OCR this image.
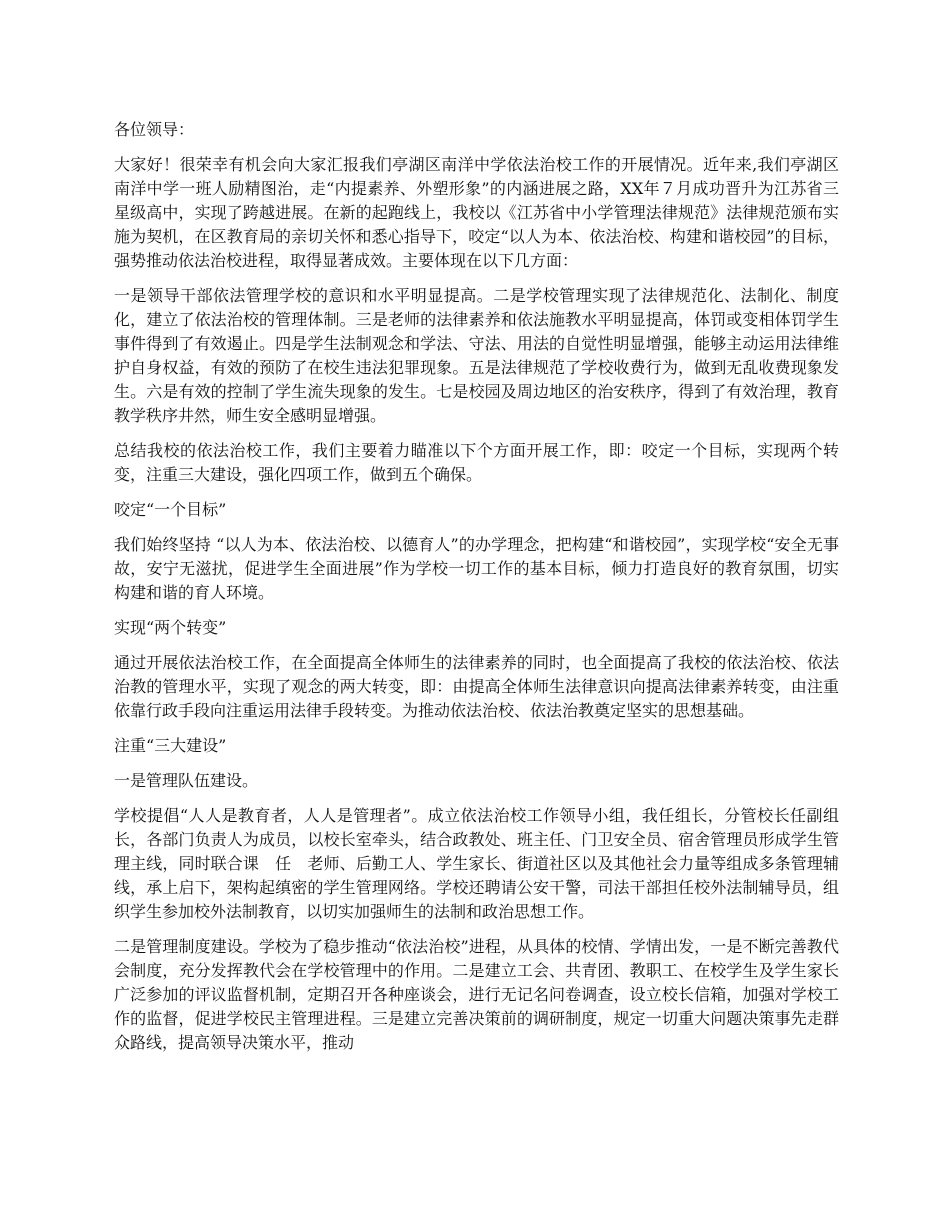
各位领导：

大家好！很荣幸有机会向大家汇报我们亭湖区南洋中学依法治校工作的开展情况。近年来,我们亭湖区南洋中学一班人励精图治，走“内提素养、外塑形象”的内涵进展之路，XX年７月成功晋升为江苏省三星级高中，实现了跨越进展。在新的起跑线上，我校以《江苏省中小学管理法律规范》法律规范颁布实施为契机，在区教育局的亲切关怀和悉心指导下，咬定“以人为本、依法治校、构建和谐校园”的目标，强势推动依法治校进程，取得显著成效。主要体现在以下几方面：

一是领导干部依法管理学校的意识和水平明显提高。二是学校管理实现了法律规范化、法制化、制度化，建立了依法治校的管理体制。三是老师的法律素养和依法施教水平明显提高，体罚或变相体罚学生事件得到了有效遏止。四是学生法制观念和学法、守法、用法的自觉性明显增强，能够主动运用法律维护自身权益，有效的预防了在校生违法犯罪现象。五是法律规范了学校收费行为，做到无乱收费现象发生。六是有效的控制了学生流失现象的发生。七是校园及周边地区的治安秩序，得到了有效治理，教育教学秩序井然，师生安全感明显增强。

总结我校的依法治校工作，我们主要着力瞄准以下个方面开展工作，即：咬定一个目标，实现两个转变，注重三大建设，强化四项工作，做到五个确保。

咬定“一个目标”

我们始终坚持 “以人为本、依法治校、以德育人”的办学理念，把构建“和谐校园”，实现学校“安全无事故，安宁无滋扰，促进学生全面进展”作为学校一切工作的基本目标，倾力打造良好的教育氛围，切实构建和谐的育人环境。

实现“两个转变”

通过开展依法治校工作，在全面提高全体师生的法律素养的同时，也全面提高了我校的依法治校、依法治教的管理水平，实现了观念的两大转变，即：由提高全体师生法律意识向提高法律素养转变，由注重依靠行政手段向注重运用法律手段转变。为推动依法治校、依法治教奠定坚实的思想基础。

注重“三大建设”

一是管理队伍建设。

学校提倡“人人是教育者，人人是管理者”。成立依法治校工作领导小组，我任组长，分管校长任副组长，各部门负责人为成员，以校长室牵头，结合政教处、班主任、门卫安全员、宿舍管理员形成学生管理主线，同时联合课　任　老师、后勤工人、学生家长、街道社区以及其他社会力量等组成多条管理辅线，承上启下，架构起缜密的学生管理网络。学校还聘请公安干警，司法干部担任校外法制辅导员，组织学生参加校外法制教育，以切实加强师生的法制和政治思想工作。

二是管理制度建设。学校为了稳步推动“依法治校”进程，从具体的校情、学情出发，一是不断完善教代会制度，充分发挥教代会在学校管理中的作用。二是建立工会、共青团、教职工、在校学生及学生家长广泛参加的评议监督机制，定期召开各种座谈会，进行无记名问卷调查，设立校长信箱，加强对学校工作的监督，促进学校民主管理进程。三是建立完善决策前的调研制度，规定一切重大问题决策事先走群众路线，提高领导决策水平，推动
